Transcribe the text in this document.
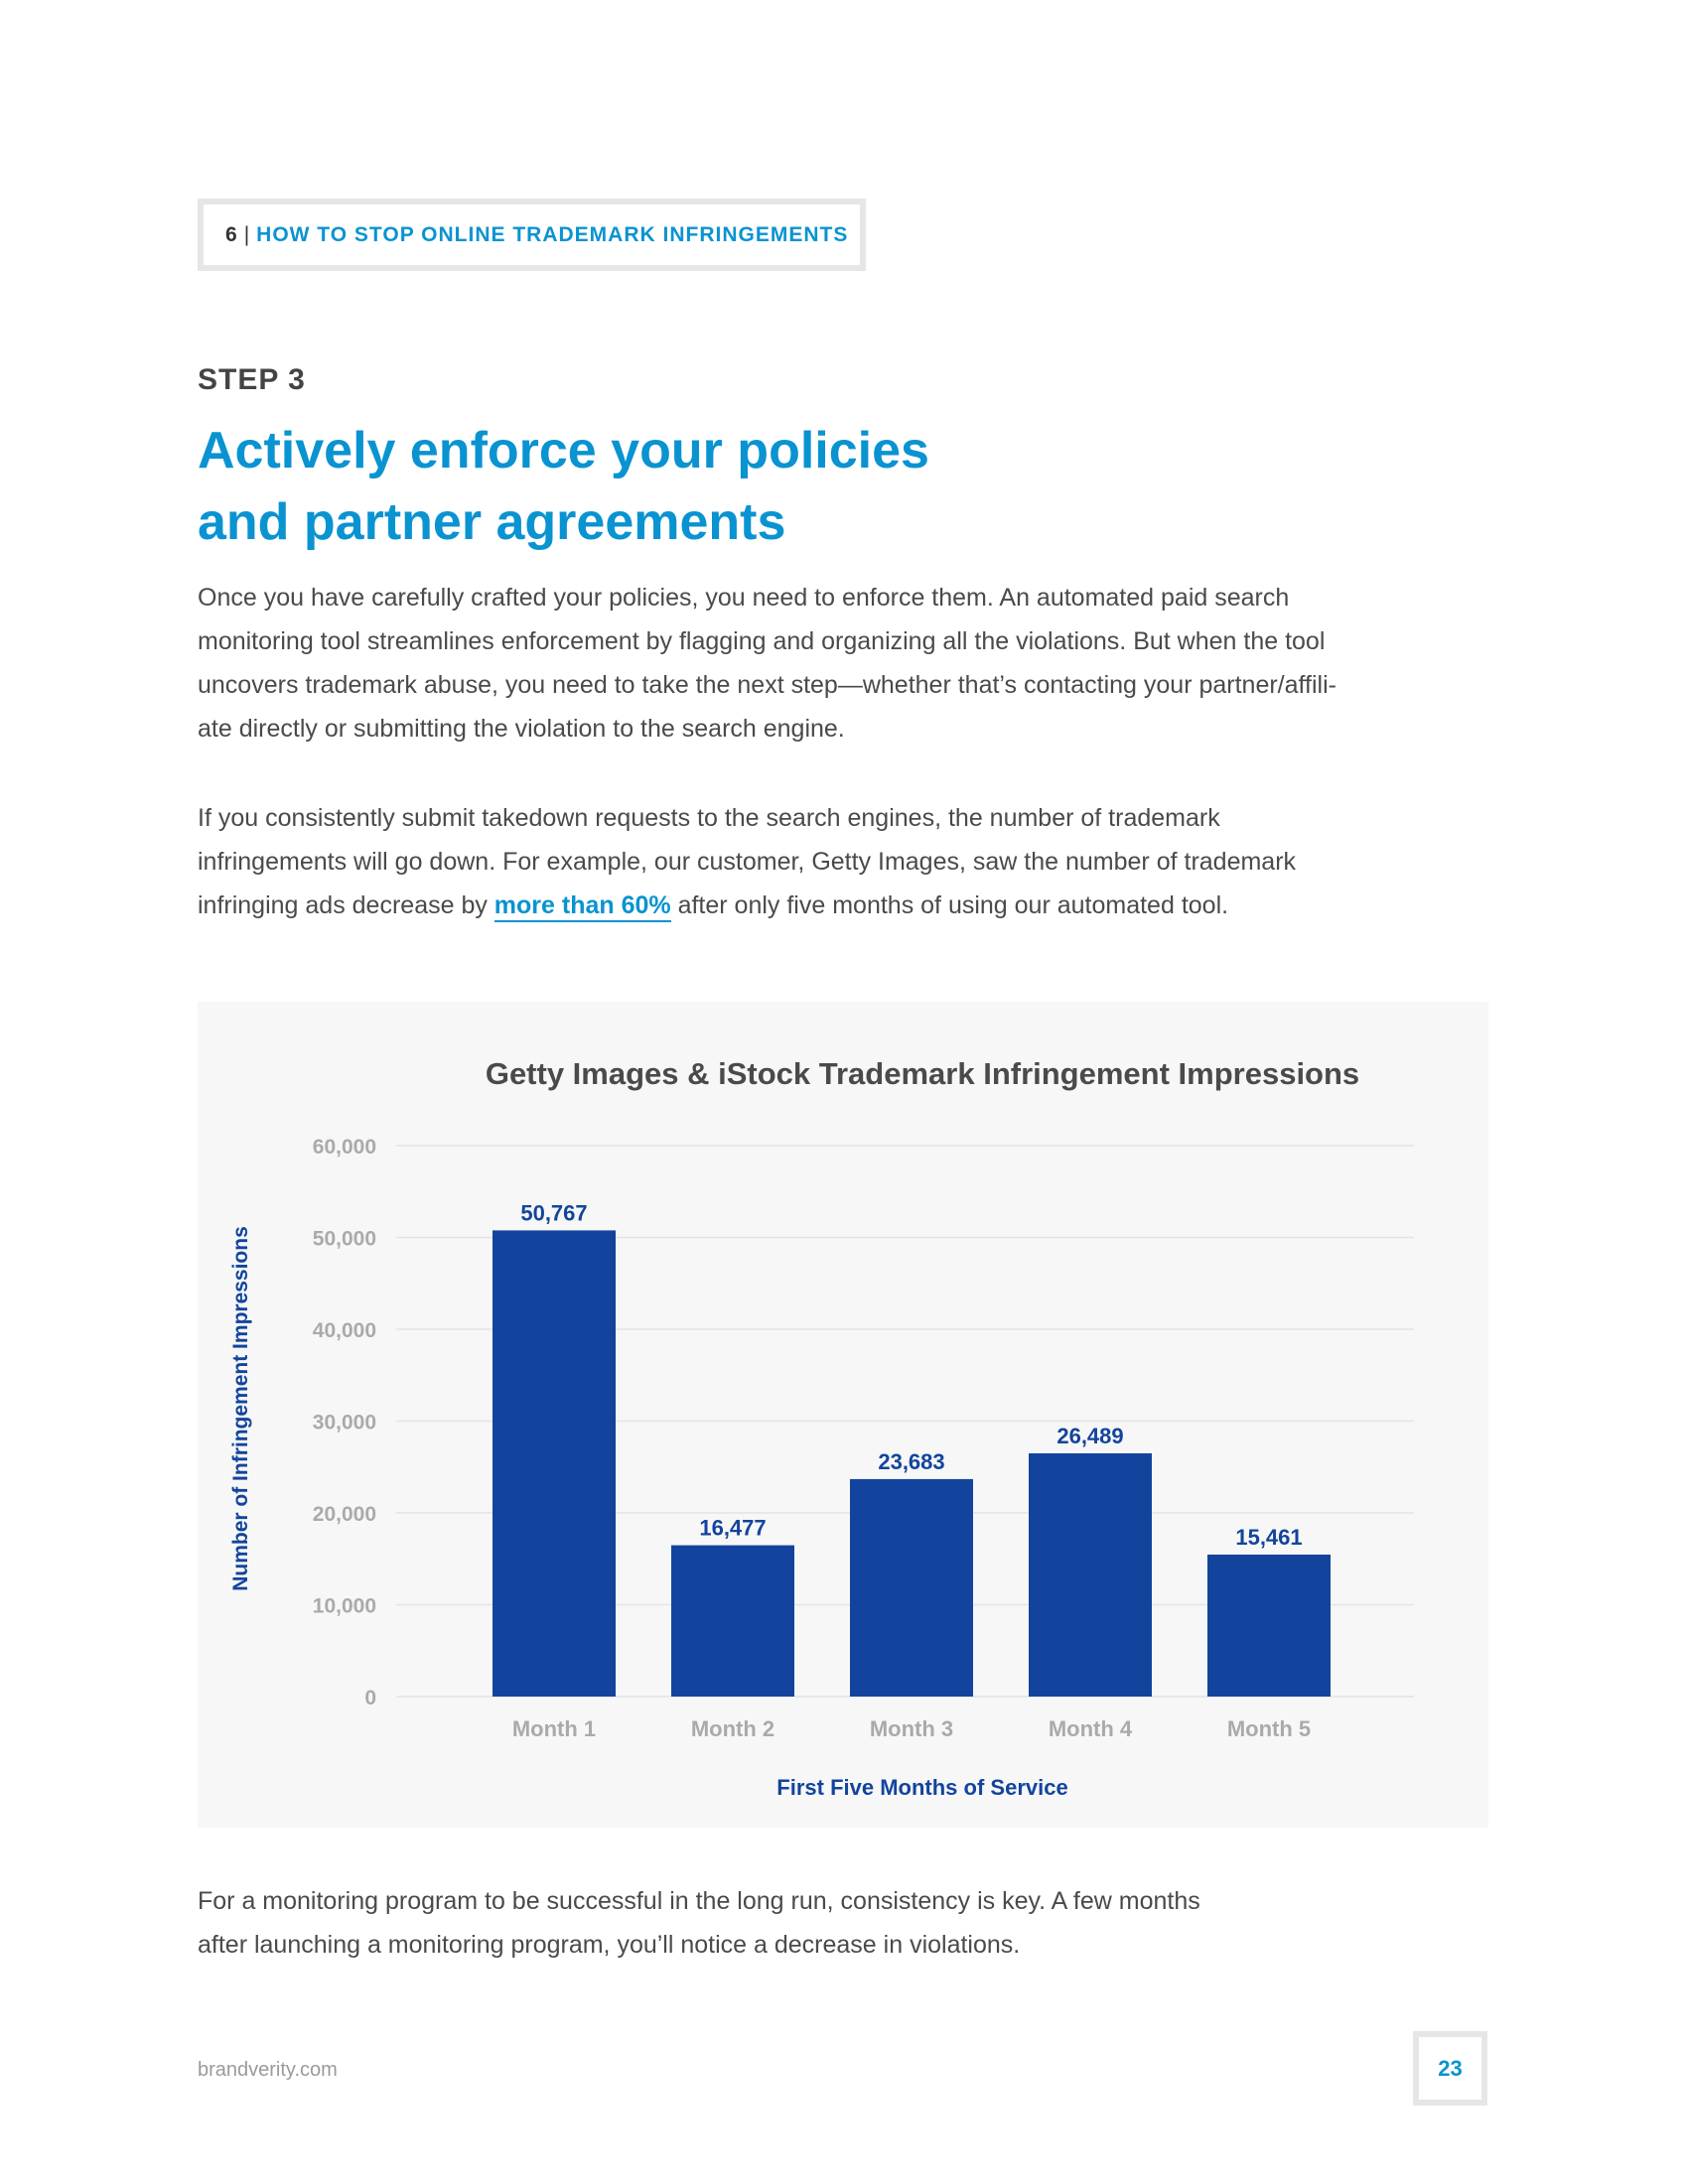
6 | HOW TO STOP ONLINE TRADEMARK INFRINGEMENTS
STEP 3
Actively enforce your policies
and partner agreements

Once you have carefully crafted your policies, you need to enforce them. An automated paid search

monitoring tool streamlines enforcement by flagging and organizing all the violations. But when the tool

uncovers trademark abuse, you need to take the next step—whether that’s contacting your partner/affili-

ate directly or submitting the violation to the search engine.

If you consistently submit takedown requests to the search engines, the number of trademark

infringements will go down. For example, our customer, Getty Images, saw the number of trademark

infringing ads decrease by more than 60% after only five months of using our automated tool.

Getty Images & iStock Trademark Infringement Impressions
0
10,000
20,000
30,000
40,000
50,000
60,000
50,767
Month 1
16,477
Month 2
23,683
Month 3
26,489
Month 4
15,461
Month 5
First Five Months of Service
Number of Infringement Impressions

For a monitoring program to be successful in the long run, consistency is key. A few months

after launching a monitoring program, you’ll notice a decrease in violations.

brandverity.com	23
